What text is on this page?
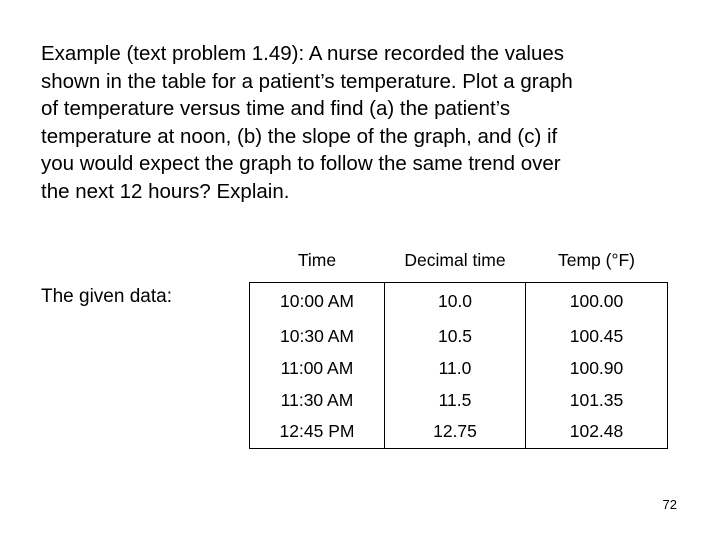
Example (text problem 1.49): A nurse recorded the values
shown in the table for a patient’s temperature. Plot a graph
of temperature versus time and find (a) the patient’s
temperature at noon, (b) the slope of the graph, and (c) if
you would expect the graph to follow the same trend over
the next 12 hours? Explain.
The given data:
Time	Decimal time	Temp (°F)
10:00 AM	10.0	100.00
10:30 AM	10.5	100.45
11:00 AM	11.0	100.90
11:30 AM	11.5	101.35
12:45 PM	12.75	102.48
72
